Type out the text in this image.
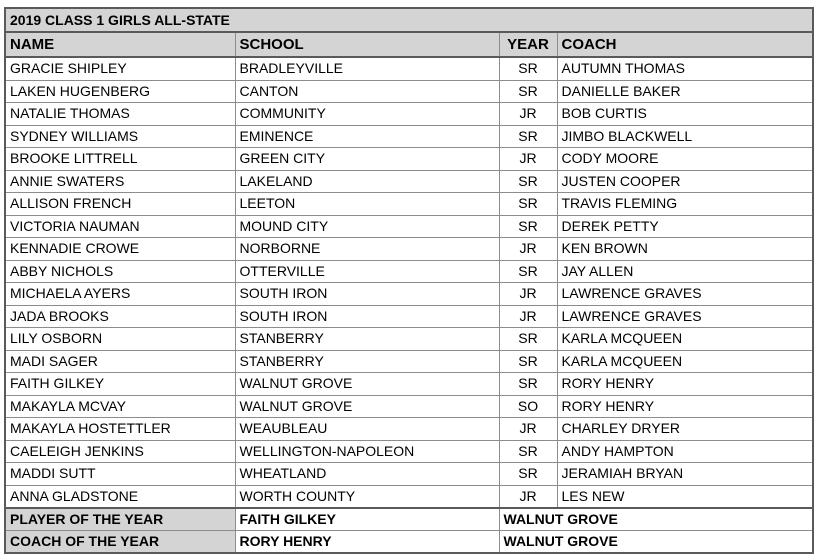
2019 CLASS 1 GIRLS ALL-STATE			
NAME	SCHOOL	YEAR	COACH
GRACIE SHIPLEY	BRADLEYVILLE	SR	AUTUMN THOMAS
LAKEN HUGENBERG	CANTON	SR	DANIELLE BAKER
NATALIE THOMAS	COMMUNITY	JR	BOB CURTIS
SYDNEY WILLIAMS	EMINENCE	SR	JIMBO BLACKWELL
BROOKE LITTRELL	GREEN CITY	JR	CODY MOORE
ANNIE SWATERS	LAKELAND	SR	JUSTEN COOPER
ALLISON FRENCH	LEETON	SR	TRAVIS FLEMING
VICTORIA NAUMAN	MOUND CITY	SR	DEREK PETTY
KENNADIE CROWE	NORBORNE	JR	KEN BROWN
ABBY NICHOLS	OTTERVILLE	SR	JAY ALLEN
MICHAELA AYERS	SOUTH IRON	JR	LAWRENCE GRAVES
JADA BROOKS	SOUTH IRON	JR	LAWRENCE GRAVES
LILY OSBORN	STANBERRY	SR	KARLA MCQUEEN
MADI SAGER	STANBERRY	SR	KARLA MCQUEEN
FAITH GILKEY	WALNUT GROVE	SR	RORY HENRY
MAKAYLA MCVAY	WALNUT GROVE	SO	RORY HENRY
MAKAYLA HOSTETTLER	WEAUBLEAU	JR	CHARLEY DRYER
CAELEIGH JENKINS	WELLINGTON-NAPOLEON	SR	ANDY HAMPTON
MADDI SUTT	WHEATLAND	SR	JERAMIAH BRYAN
ANNA GLADSTONE	WORTH COUNTY	JR	LES NEW
PLAYER OF THE YEAR	FAITH GILKEY	WALNUT GROVE	
COACH OF THE YEAR	RORY HENRY	WALNUT GROVE	
